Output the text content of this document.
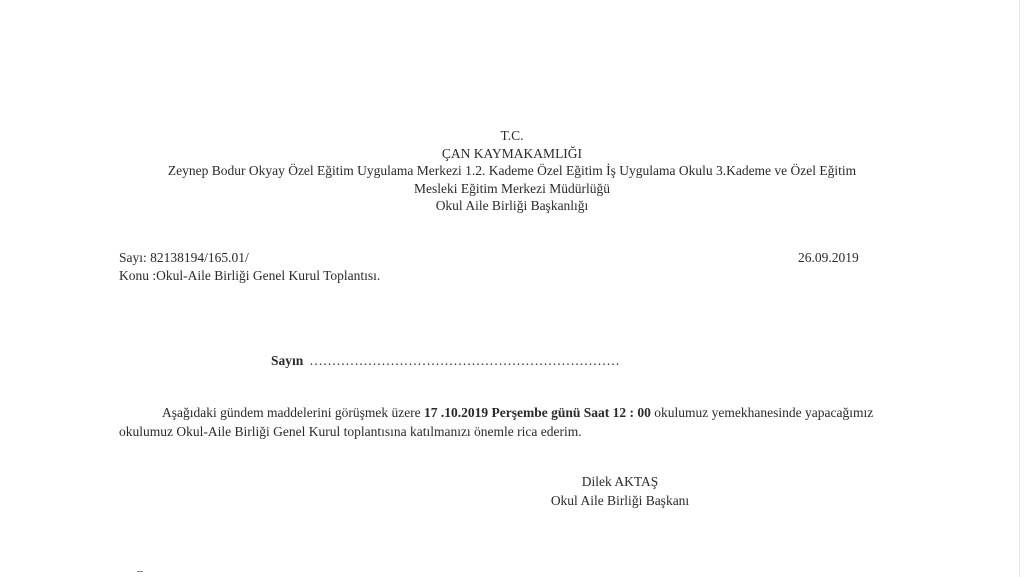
T.C.
ÇAN KAYMAKAMLIĞI
Zeynep Bodur Okyay Özel Eğitim Uygulama Merkezi 1.2. Kademe Özel Eğitim İş Uygulama Okulu 3.Kademe ve Özel Eğitim
Mesleki Eğitim Merkezi Müdürlüğü
Okul Aile Birliği Başkanlığı
Sayı: 82138194/165.01/
Konu :Okul-Aile Birliği Genel Kurul Toplantısı.
26.09.2019
Sayın ……………………………………………………………
Aşağıdaki gündem maddelerini görüşmek üzere 17 .10.2019 Perşembe günü Saat 12 : 00 okulumuz yemekhanesinde yapacağımız okulumuz Okul-Aile Birliği Genel Kurul toplantısına katılmanızı önemle rica ederim.
Dilek AKTAŞ
Okul Aile Birliği Başkanı
